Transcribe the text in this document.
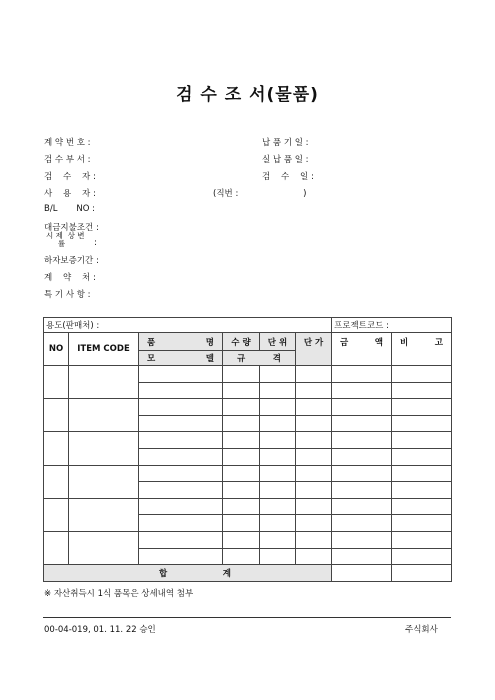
검 수 조 서(물품)
계 약 번 호 :
검 수 부 서 :
검    수    자 :
사    용    자 :
B/L       NO :
대금지불조건 :
시 제  상 변
률	:
하자보증기간 :
계    약    처 :
특 기 사 항 :
납 품 기 일 :
실 납 품 일 :
검    수    일 :
(직번 :                        )
용도(판매처) :						프로젝트코드 :	
NO	ITEM CODE	품 명	수 량	단 위	단 가	금 액	비 고

		모 델	규 격				

합 계							

※ 자산취득시 1식 품목은 상세내역 첨부
00-04-019, 01. 11. 22 승인	주식회사
